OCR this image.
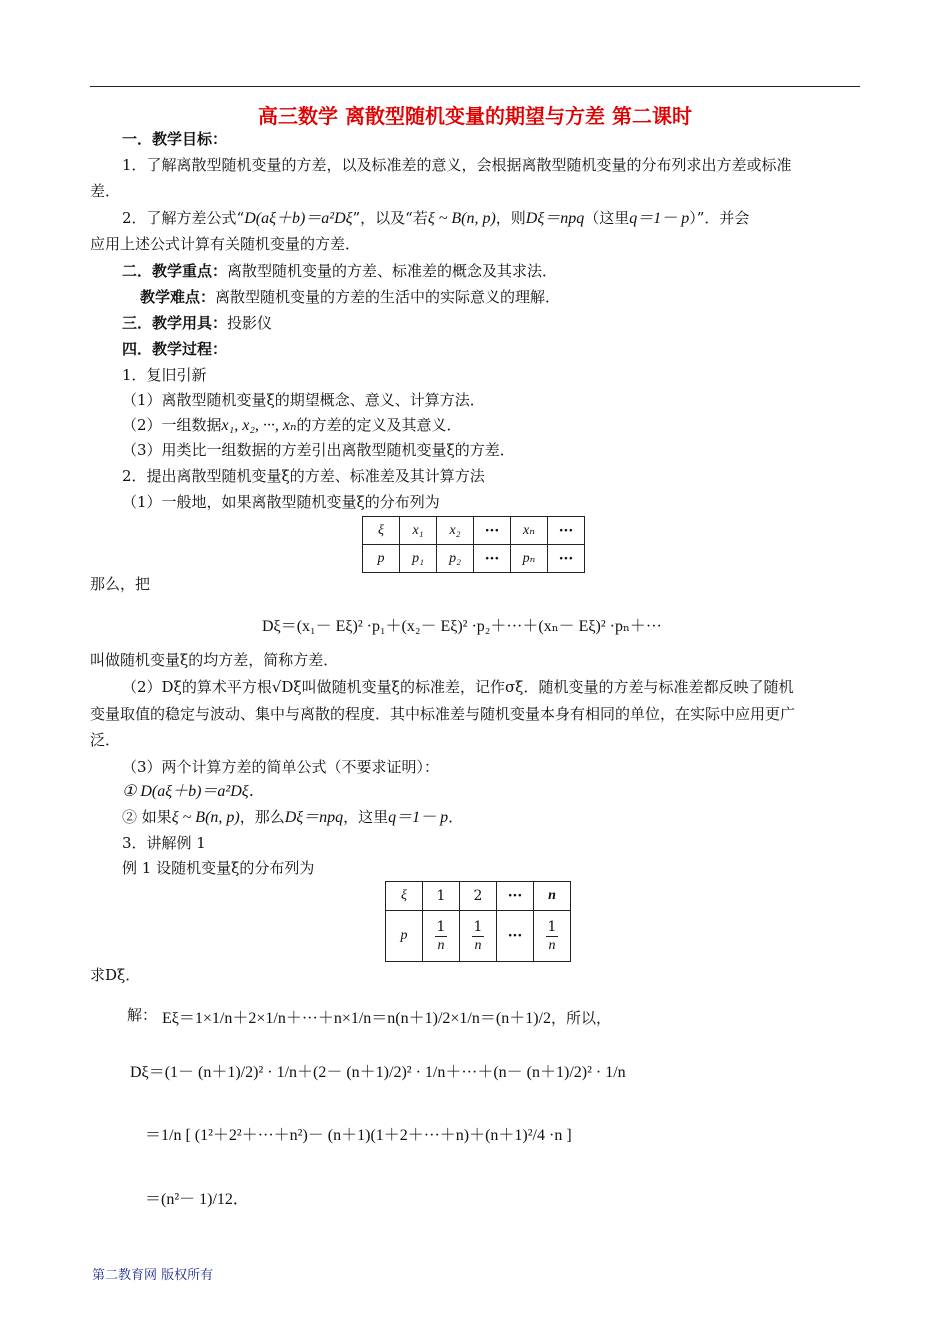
高三数学 离散型随机变量的期望与方差 第二课时
一．教学目标：
1．了解离散型随机变量的方差，以及标准差的意义，会根据离散型随机变量的分布列求出方差或标准
差．
2．了解方差公式“D(aξ＋b)＝a²Dξ”，以及“若ξ ~ B(n, p)，则Dξ＝npq（这里q＝1－ p）”．并会
应用上述公式计算有关随机变量的方差．
二．教学重点：离散型随机变量的方差、标准差的概念及其求法．
教学难点：离散型随机变量的方差的生活中的实际意义的理解．
三．教学用具：投影仪
四．教学过程：
1．复旧引新
（1）离散型随机变量ξ的期望概念、意义、计算方法．
（2）一组数据x₁, x₂, ···, xₙ的方差的定义及其意义．
（3）用类比一组数据的方差引出离散型随机变量ξ的方差．
2．提出离散型随机变量ξ的方差、标准差及其计算方法
（1）一般地，如果离散型随机变量ξ的分布列为
ξ	x₁	x₂	···	xₙ	···
p	p₁	p₂	···	pₙ	···
那么，把
Dξ＝(x₁－ Eξ)² ·p₁＋(x₂－ Eξ)² ·p₂＋···＋(xₙ－ Eξ)² ·pₙ＋···
叫做随机变量ξ的均方差，简称方差．
（2）Dξ的算术平方根√Dξ叫做随机变量ξ的标准差，记作σξ．随机变量的方差与标准差都反映了随机
变量取值的稳定与波动、集中与离散的程度．其中标准差与随机变量本身有相同的单位，在实际中应用更广
泛．
（3）两个计算方差的简单公式（不要求证明）：
① D(aξ＋b)＝a²Dξ．
② 如果ξ ~ B(n, p)，那么Dξ＝npq，这里q＝1－ p．
3．讲解例 1
例 1 设随机变量ξ的分布列为
ξ	1	2	···	n
p	$\frac{1}{n}$	$\frac{1}{n}$	···	$\frac{1}{n}$
求Dξ．
解： Eξ＝1×1/n＋2×1/n＋···＋n×1/n＝n(n＋1)/2×1/n＝(n＋1)/2，所以，
Dξ＝(1－ (n＋1)/2)² · 1/n＋(2－ (n＋1)/2)² · 1/n＋···＋(n－ (n＋1)/2)² · 1/n
＝1/n [ (1²＋2²＋···＋n²)－ (n＋1)(1＋2＋···＋n)＋(n＋1)²/4 ·n ]
＝(n²－ 1)/12．
第二教育网 版权所有
